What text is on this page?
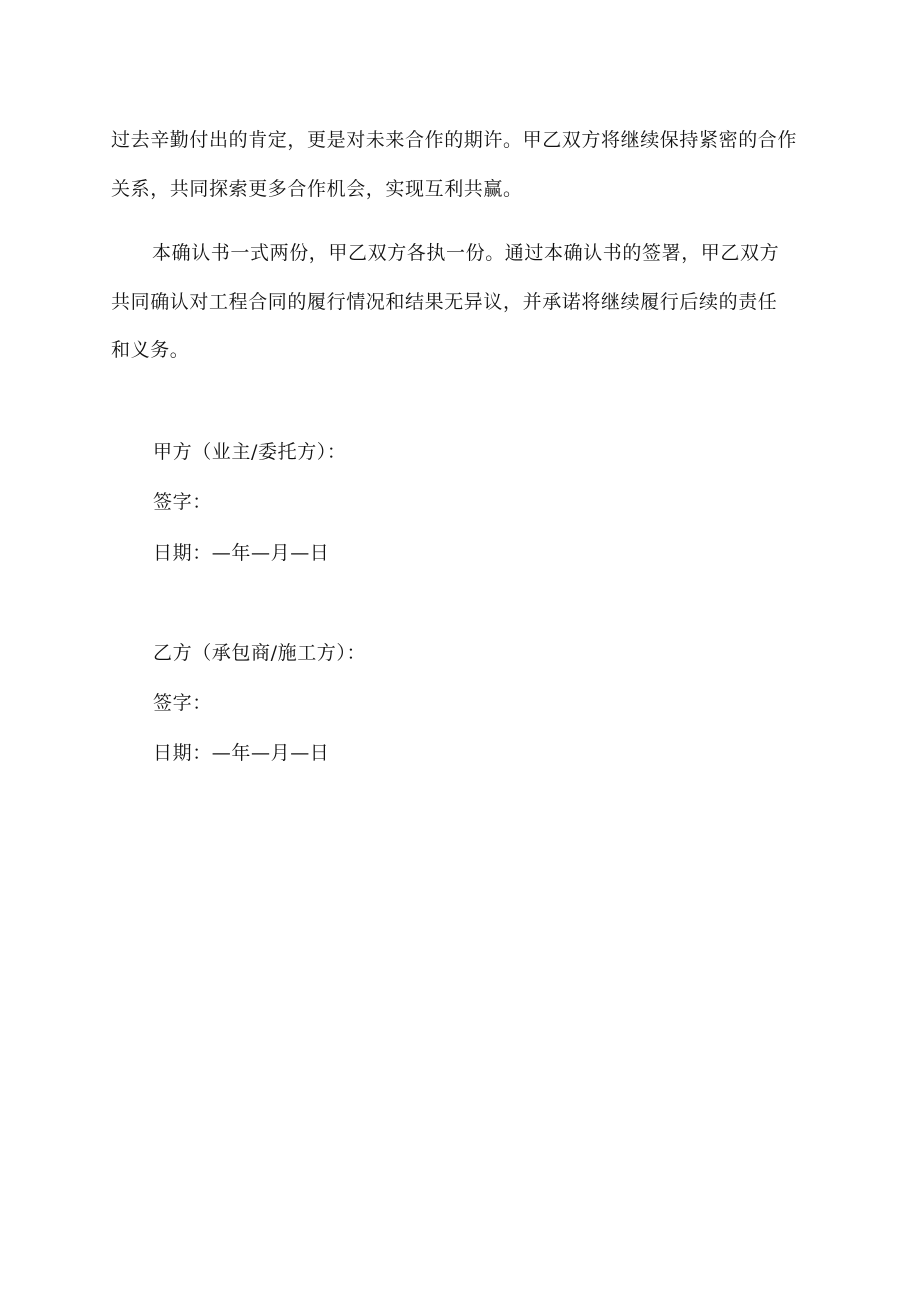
过去辛勤付出的肯定，更是对未来合作的期许。甲乙双方将继续保持紧密的合作
关系，共同探索更多合作机会，实现互利共赢。
本确认书一式两份，甲乙双方各执一份。通过本确认书的签署，甲乙双方
共同确认对工程合同的履行情况和结果无异议，并承诺将继续履行后续的责任
和义务。
甲方（业主/委托方）：
签字：
日期：—年—月—日
乙方（承包商/施工方）：
签字：
日期：—年—月—日
